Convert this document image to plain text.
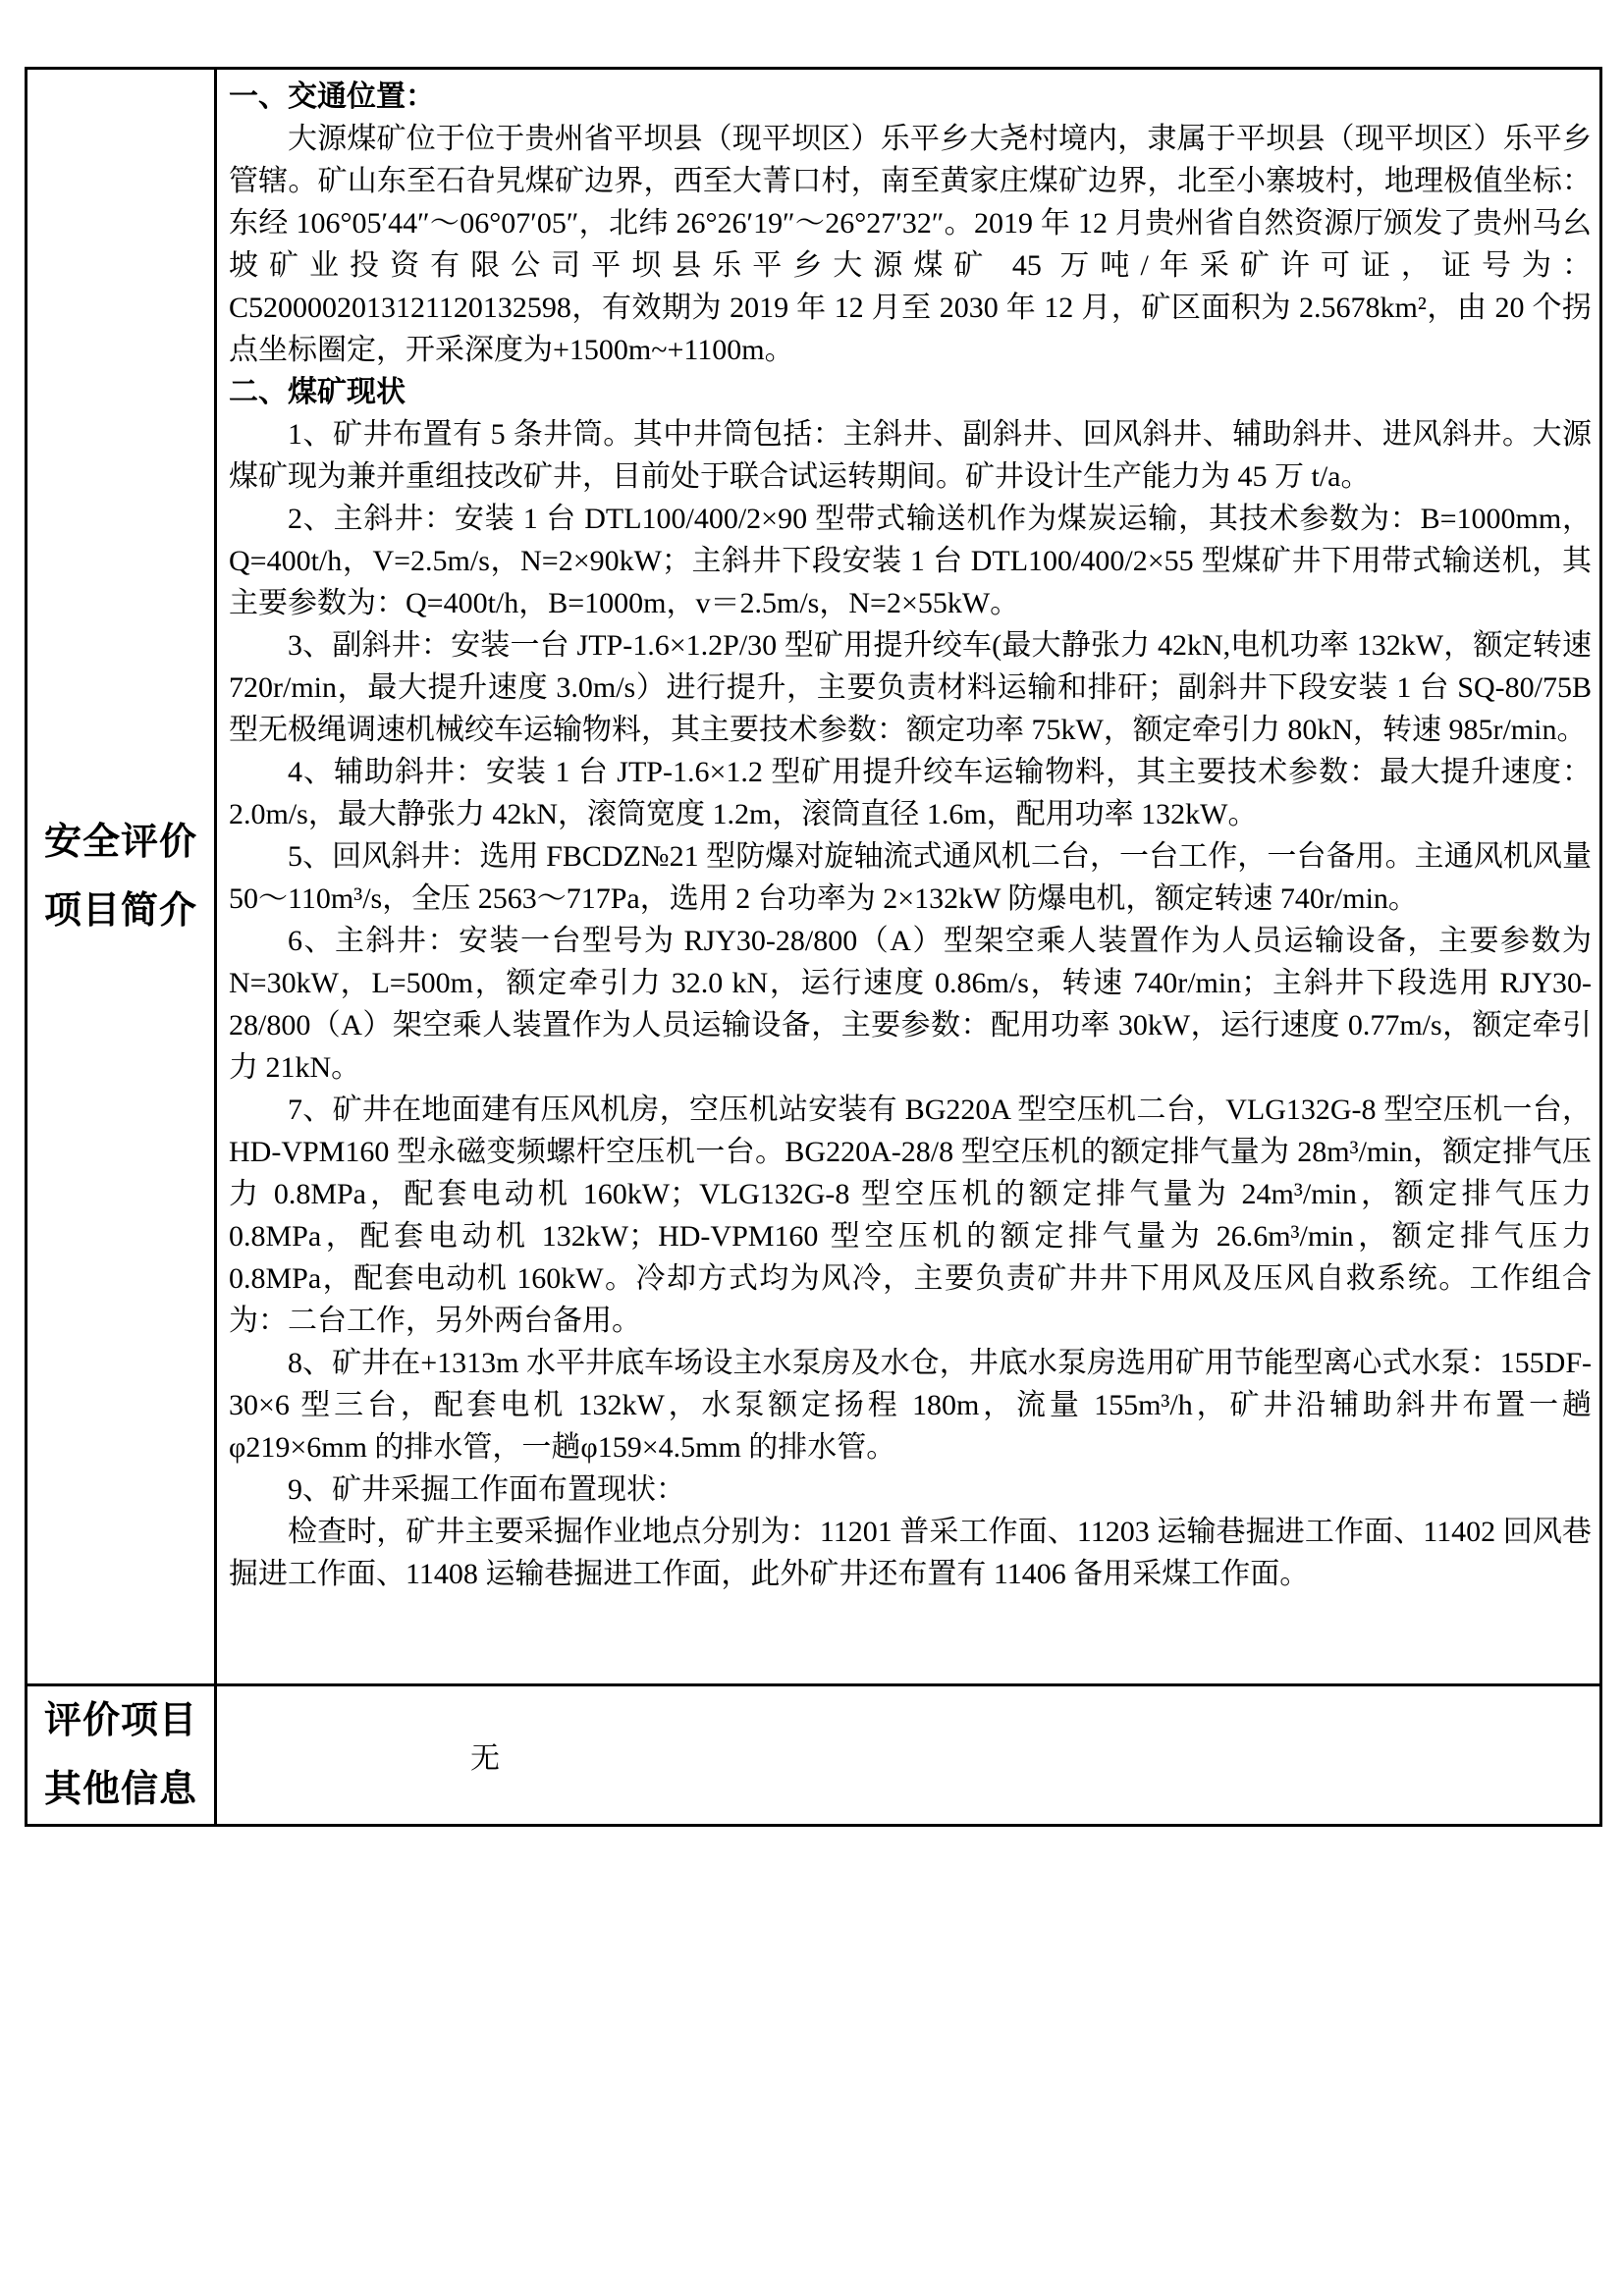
安全评价
项目简介
一、交通位置：
大源煤矿位于位于贵州省平坝县（现平坝区）乐平乡大尧村境内，隶属于平坝县（现平坝区）乐平乡管辖。矿山东至石旮旯煤矿边界，西至大菁口村，南至黄家庄煤矿边界，北至小寨坡村，地理极值坐标：东经 106°05′44″～06°07′05″，北纬 26°26′19″～26°27′32″。2019 年 12 月贵州省自然资源厅颁发了贵州马幺坡矿业投资有限公司平坝县乐平乡大源煤矿 45 万吨/年采矿许可证，证号为：C5200002013121120132598，有效期为 2019 年 12 月至 2030 年 12 月，矿区面积为 2.5678km²，由 20 个拐点坐标圈定，开采深度为+1500m~+1100m。
二、煤矿现状
1、矿井布置有 5 条井筒。其中井筒包括：主斜井、副斜井、回风斜井、辅助斜井、进风斜井。大源煤矿现为兼并重组技改矿井，目前处于联合试运转期间。矿井设计生产能力为 45 万 t/a。
2、主斜井：安装 1 台 DTL100/400/2×90 型带式输送机作为煤炭运输，其技术参数为：B=1000mm，Q=400t/h，V=2.5m/s，N=2×90kW；主斜井下段安装 1 台 DTL100/400/2×55 型煤矿井下用带式输送机，其主要参数为：Q=400t/h，B=1000m，v＝2.5m/s，N=2×55kW。
3、副斜井：安装一台 JTP-1.6×1.2P/30 型矿用提升绞车(最大静张力 42kN,电机功率 132kW，额定转速 720r/min，最大提升速度 3.0m/s）进行提升，主要负责材料运输和排矸；副斜井下段安装 1 台 SQ-80/75B 型无极绳调速机械绞车运输物料，其主要技术参数：额定功率 75kW，额定牵引力 80kN，转速 985r/min。
4、辅助斜井：安装 1 台 JTP-1.6×1.2 型矿用提升绞车运输物料，其主要技术参数：最大提升速度：2.0m/s，最大静张力 42kN，滚筒宽度 1.2m，滚筒直径 1.6m，配用功率 132kW。
5、回风斜井：选用 FBCDZ№21 型防爆对旋轴流式通风机二台，一台工作，一台备用。主通风机风量 50～110m³/s，全压 2563～717Pa，选用 2 台功率为 2×132kW 防爆电机，额定转速 740r/min。
6、主斜井：安装一台型号为 RJY30-28/800（A）型架空乘人装置作为人员运输设备，主要参数为 N=30kW，L=500m，额定牵引力 32.0 kN，运行速度 0.86m/s，转速 740r/min；主斜井下段选用 RJY30-28/800（A）架空乘人装置作为人员运输设备，主要参数：配用功率 30kW，运行速度 0.77m/s，额定牵引力 21kN。
7、矿井在地面建有压风机房，空压机站安装有 BG220A 型空压机二台，VLG132G-8 型空压机一台，HD-VPM160 型永磁变频螺杆空压机一台。BG220A-28/8 型空压机的额定排气量为 28m³/min，额定排气压力 0.8MPa，配套电动机 160kW；VLG132G-8 型空压机的额定排气量为 24m³/min，额定排气压力 0.8MPa，配套电动机 132kW；HD-VPM160 型空压机的额定排气量为 26.6m³/min，额定排气压力 0.8MPa，配套电动机 160kW。冷却方式均为风冷，主要负责矿井井下用风及压风自救系统。工作组合为：二台工作，另外两台备用。
8、矿井在+1313m 水平井底车场设主水泵房及水仓，井底水泵房选用矿用节能型离心式水泵：155DF-30×6 型三台，配套电机 132kW，水泵额定扬程 180m，流量 155m³/h，矿井沿辅助斜井布置一趟φ219×6mm 的排水管，一趟φ159×4.5mm 的排水管。
9、矿井采掘工作面布置现状：
检查时，矿井主要采掘作业地点分别为：11201 普采工作面、11203 运输巷掘进工作面、11402 回风巷掘进工作面、11408 运输巷掘进工作面，此外矿井还布置有 11406 备用采煤工作面。
评价项目
其他信息
无
